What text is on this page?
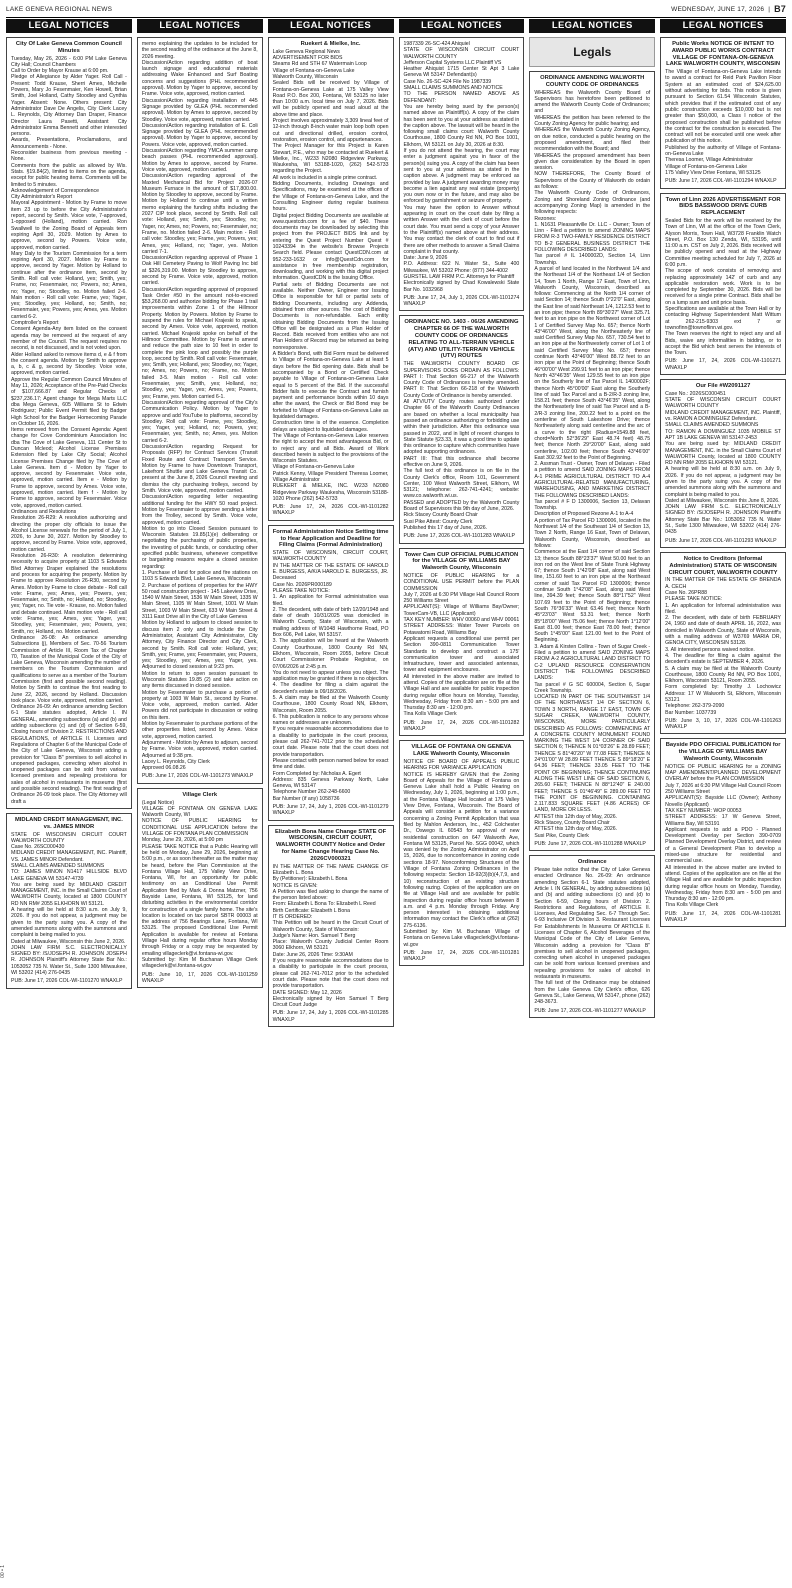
LAKE GENEVA REGIONAL NEWS	WEDNESDAY, JUNE 17, 2026 | B7
LEGAL NOTICES	LEGAL NOTICES	LEGAL NOTICES	LEGAL NOTICES	LEGAL NOTICES	LEGAL NOTICES
City Of Lake Geneva Common Council Minutes
Tuesday, May 26, 2026 - 6:00 PM Lake Geneva City Hall; Council Chambers
Call to Order by Mayor Krause at 6:00 pm.
Pledge of Allegiance by Alder Yager. Roll Call - Present: Todd Krause, Sherri Ames, Michelle Powers, Mary Jo Fesenmaier, Ken Howell, Brian Smith, Joel Holland, Cathy Stoodley and Cynthia Yager. Absent: None. Others present: City Administrator Dave De Angelis, City Clerk Lacey L. Reynolds, City Attorney Dan Draper, Finance Director Laura Pasetti, Assistant City Administrator Emma Bennett and other interested persons.
Awards, Presentations, Proclamations, and Announcements - None.
Reconsider business from previous meeting - None.
Comments from the public as allowed by Wis. Stats. §19.84(2), limited to items on the agenda, except for public hearing items. Comments will be limited to 5 minutes.
Acknowledgement of Correspondence
City Administrator's Report
Mayoral Appointment - Motion by Frame to move item 23 up to before the City Administrator's report, second by Smith. Voice vote, 7-approved, 1-opposed (Holland), motion carried. Ron Swallwell to the Zoning Board of Appeals term expiring April 30, 2029. Motion by Ames to approve, second by Powers. Voice vote, approved, motion carried.
Mary Daly to the Tourism Commission for a term expiring April 30, 2027. Motion by Frame to approve, second by Yager. Motion by Holland to continue after the ordinance item, second by Smith. Roll call vote: Holland, yes; Smith, yes; Frame, no; Fesenmaier, no; Powers, no; Ames, no; Yager, no; Stoodley, no. Motion failed 2-6. Main motion - Roll call vote: Frame, yes; Yager, yes; Stoodley, yes; Holland, no; Smith, no; Fesenmaier, yes; Powers, yes; Ames, yes. Motion carried 6-2.
Comptroller's Report
Consent Agenda-Any item listed on the consent agenda may be removed at the request of any member of the Council. The request requires no second, is not discussed, and is not voted upon.
Alder Holland asked to remove items d, e & f from the consent agenda. Motion by Smith to approve a, b, c & g, second by Stoodley. Voice vote, approved, motion carried.
Approve the Regular Common Council Minutes of May 11, 2026; Acceptance of the Pre-Paid Checks of $107,666.87 and Regular Checks of $237,236.17; Agent change for Mega Marts LLC dba Mega Geneva, 605 Williams St to Edwin Rodriguez; Public Event Permit filed by Badger High School for the Badger Homecoming Parade on October 16, 2026.
Items removed from the Consent Agenda: Agent change for Cove Condominium Association Inc dba The Cove of Lake Geneva, 111 Center St to Duncan Mcleod; Alcohol License Premises Extension filed by Lake City Social; Alcohol License Premises Change filed by The Cove of Lake Geneva. Item d - Motion by Yager to approve, second by Fesenmaier. Voice vote, approved, motion carried. Item e - Motion by Frame to approve, second by Ames. Voice vote, approved, motion carried. Item f - Motion by Frame to approve, second by Fesenmaier. Voice vote, approved, motion carried.
Ordinances and Resolutions
Resolution 26-R29: A resolution authorizing and directing the proper city officials to issue the Alcohol License renewals for the period of July 1, 2026, to June 30, 2027. Motion by Stoodley to approve, second by Frame. Voice vote, approved, motion carried.
Resolution 26-R30: A resolution determining necessity to acquire property at 1103 S Edwards Blvd Attorney Draper explained the resolutions and process for acquiring the property. Motion by Frame to approve Resolution 26-R30, second by Ames. Motion by Frame to close debate - Roll call vote: Frame, yes; Ames, yes; Powers, yes; Fesenmaier, no; Smith, no; Holland, no; Stoodley, yes; Yager, no. Tie vote - Krause, no. Motion failed and debate continued. Main motion vote - Roll call vote: Frame, yes; Ames, yes; Yager, yes; Stoodley, yes; Fesenmaier, yes; Powers, yes; Smith, no; Holland, no. Motion carried.
Ordinance 26-08: An ordinance amending Subsections (j), Members of Sec. 70-56 Tourism Commission of Article III, Room Tax of Chapter 70, Taxation of the Municipal Code of the City of Lake Geneva, Wisconsin amending the number of members on the Tourism Commission and qualifications to serve as a member of the Tourism Commission (first and possible second reading). Motion by Smith to continue the first reading to June 22, 2026, second by Holland. Discussion took place. Voice vote, approved, motion carried.
Ordinance 26-09: An ordinance amending Section 6-1 State statutes adopted, Article I. IN GENERAL, amending subsections (a) and (b) and adding subsections (c) and (d) of Section 6-59, Closing hours of Division 2. RESTRICTIONS AND REGULATIONS, of ARTICLE II. Licenses and Regulations of Chapter 6 of the Municipal Code of the City of Lake Geneva, Wisconsin adding a provision for "Class B" premises to sell alcohol in unopened packages, correcting when alcohol in unopened packages can be sold from various licensed premises and repealing provisions for sales of alcohol in restaurants in museums (first and possible second reading). The first reading of Ordinance 26-09 took place. The City Attorney will draft a
MIDLAND CREDIT MANAGEMENT, INC. vs. JAMES MINOR
STATE OF WISCONSIN CIRCUIT COURT WALWORTH COUNTY
Case No. 26SC000430
MIDLAND CREDIT MANAGEMENT, INC. Plaintiff, VS. JAMES MINOR Defendant.
SMALL CLAIMS AMENDED SUMMONS
TO: JAMES MINON N1417 HILLSIDE BLVD LAKE GENEVA WI 53147-4739
You are being sued by: MIDLAND CREDIT MANAGEMENT, INC. in the Small Claims Court of WALWORTH County, located at 1800 COUNTY RD NN RM# 2055 ELKHORN WI 53121.
A hearing will be held at 8:30 a.m. on July 9, 2026. If you do not appear, a judgment may be given to the party suing you. A copy of the amended summons along with the summons and complaint is being mailed to you.
Dated at Milwaukee, Wisconsin this June 2, 2026.
JOHN LAW FIRM S.C. ELECTRONICALLY SIGNED BY: /S/JOSEPH R. JOHNSON JOSEPH R. JOHNSON Plaintiff's Attorney State Bar No.: 1053052 735 N. Water St., Suite 1300 Milwaukee, WI 53202 (414) 276-0435
PUB: June 17, 2026 COL-WI-1101270 WNAXLP
memo explaining the updates to be included for the second reading of the ordinance at the June 8, 2026 meeting.
Discussion/Action regarding addition of boat launch signage and educational materials addressing Wake Enhanced and Surf Boating concerns and suggestions (PHL recommended approval). Motion by Yager to approve, second by Frame. Voice vote, approved, motion carried.
Discussion/Action regarding installation of 445 Signage provided by GLEA (PHL recommended approval). Motion by Ames to approve, second by Stoodley. Voice vote, approved, motion carried.
Discussion/Action regarding installation of E. Coli Signage provided by GLEA (PHL recommended approval). Motion by Yager to approve, second by Powers. Voice vote, approved, motion carried.
Discussion/Action regarding YMCA summer camp beach passes (PHL recommended approval). Motion by Ames to approve, second by Frame. Voice vote, approved, motion carried.
Discussion/Action regarding approval of the Maxted Mechanical Bid for Project 2026-07 Museum Furnace in the amount of $17,800.00. Motion by Stoodley to approve, second by Frame. Motion by Holland to continue until a written memo explaining the funding shifts including the 2027 CIP took place, second by Smith. Roll call vote: Holland, yes; Smith, yes; Stoodley, no; Yager, no; Ames, no; Powers, no; Fesenmaier, no; Frame, no. Motion failed 2-6. Main motion - Roll call vote: Stoodley, yes; Frame, yes; Powers, yes; Ames, yes; Holland, no; Yager, yes. Motion carried 7-1.
Discussion/Action regarding approval of Phase 1 Oak Hill Cemetery Paving to Wolf Paving Inc bid at $326,319.00. Motion by Stoodley to approve, second by Frame. Voice vote, approved, motion carried.
Discussion/Action regarding approval of proposed Task Order #50 in the amount not-to-exceed $53,268.00 and authorize bidding for Phase 1 trail improvements within Zone 1 of the Hillmoor Property. Motion by Powers. Motion by Frame to suspend the rules for Michael Krajeski to speak, second by Ames. Voice vote, approved, motion carried. Michael Krajeski spoke on behalf of the Hillmoor Committee. Motion by Frame to amend and reduce the path size to 10 feet in order to complete the pink loop and possibly the purple loop, second by Smith. Roll call vote: Fesenmaier, yes; Smith, yes; Holland, yes; Stoodley, no; Yager, no; Ames, no; Powers, no; Frame, no. Motion failed 3-5. Main motion - Roll call vote: Fesenmaier, yes; Smith, yes; Holland, no; Stoodley, yes; Yager, yes; Ames, yes; Powers, yes; Frame, yes. Motion carried 6-1.
Discussion/Action regarding approval of the City's Communication Policy. Motion by Yager to approve and add YouTube to platforms, second by Stoodley. Roll call vote: Frame, yes; Stoodley, yes; Yager, yes; Holland, no; Powers, yes; Fesenmaier, yes; Smith, no; Ames, yes. Motion carried 6-2.
Discussion/Action regarding Request for Proposals (RFP) for Contract Services (Transit Fixed Route and Contract Transport Service. Motion by Frame to have Downtown Transport, Lakefront Shuttle and Lake Geneva Transit Co. present at the June 8, 2026 Council meeting and dismiss the city purchasing trolleys, second by Smith. Voice vote, approved, motion carried.
Discussion/Action regarding letter requesting additional funding for the HWY 50 road project. Motion by Fesenmaier to approve sending a letter from the Trolley, second by Smith. Voice vote, approved, motion carried.
Motion to go into Closed Session pursuant to Wisconsin Statutes 19.85(1)(e) deliberating or negotiating the purchasing of public properties, the investing of public funds, or conducting other specified public business, whenever competitive or bargaining reasons require a closed session regarding:
1. Purchase of land for police and fire stations on 1103 S Edwards Blvd, Lake Geneva, Wisconsin
2. Purchase of portions of properties for the HWY 50 road construction project - 145 Lakeview Drive, 1540 W Main Street, 1536 W Main Street, 1335 W Main Street, 1105 W Main Street, 1001 W Main Street, 1003 W Main Street, 633 W Main Street & 3111 East Drive all in the City of Lake Geneva
Motion by Holland to adjourn to closed session to discuss item 2 only and to include the City Administrator, Assistant City Administrator, City Attorney, City Finance Director and City Clerk, second by Smith. Roll call vote: Holland, yes; Smith, yes; Frame, yes; Fesenmaier, yes; Powers, yes; Stoodley, yes; Ames, yes; Yager, yes. Adjourned to closed session at 9:23 pm.
Motion to return to open session pursuant to Wisconsin Statutes 19.85 (2) and take action on any items discussed in closed session.
Motion by Fesenmaier to purchase a portion of property at 1003 W Main St., second by Frame. Voice vote, approved, motion carried. Alder Powers did not participate in discussion or voting on this item.
Motion by Fesenmaier to purchase portions of the other properties listed, second by Ames. Voice vote, approved, motion carried.
Adjournment - Motion by Ames to adjourn, second by Frame. Voice vote, approved, motion carried. Adjourned at 9:38 pm.
Lacey L. Reynolds, City Clerk
Approved 06.08.26
PUB: June 17, 2026 COL-WI-1101273 WNAXLP
Village Clerk
(Legal Notice)
VILLAGE OF FONTANA ON GENEVA LAKE Walworth County, WI
NOTICE OF PUBLIC HEARING for CONDITIONAL USE APPLICATION before the VILLAGE OF FONTANA PLAN COMMISSION
Monday, June 29, 2026, at 5:00 pm
PLEASE TAKE NOTICE that a Public Hearing will be held on Monday, June 29, 2026, beginning at 5:00 p.m., or as soon thereafter as the matter may be heard, before the Plan Commission at the Fontana Village Hall, 175 Valley View Drive, Fontana, WI, for an opportunity for public testimony on an Conditional Use Permit Application filed by Mark & Donna Matzner, 756 Bayside Lane, Fontana, WI 53125, for land disturbing activities in the environmental corridor for construction of a single family home. The site's location is located on tax parcel SBTR 00003 at the address of 756 Bearings Lane, Fontana, WI 53125. The proposed Conditional Use Permit Application is available for review at Fontana Village Hall during regular office hours Monday through Friday or a copy may be requested by emailing villageclerk@vi.fontana-wi.gov.
Submitted by: Kim M Buchanan Village Clerk villageclerk@vi.fontana-wi.gov
PUB: June 10, 17, 2026 COL-WI-1101259 WNAXLP
Ruekert & Mielke, Inc.
Lake Geneva Regional News
ADVERTISEMENT FOR BIDS
Steams Rd and STH 67 Watermain Loop
Village of Fontana-on-Geneva Lake
Walworth County, Wisconsin
Sealed Bids will be received by Village of Fontana-on-Geneva Lake at 175 Valley View Road P.O. Box 200, Fontana, WI 53125 no later than 10:00 a.m. local time on July 7, 2026. Bids will be publicly opened and read aloud at the above time and place.
Project involves approximately 3,309 lineal feet of 12-inch through 8-inch water main loop both open cut and directional drilled, erosion control, restoration, erosion control, and appurtenances.
The Project Manager for this Project is Karen Stewart, P.E., who may be contacted at Ruekert & Mielke, Inc., W233 N2080 Ridgeview Parkway, Waukesha, WI 53188-1020, (262) 542-5733 regarding the Project.
All work is included in a single prime contract.
Bidding Documents, including Drawings and Specifications, may be examined at the offices of the Village of Fontana-on-Geneva Lake, and the Consulting Engineer during regular business hours.
Digital project Bidding Documents are available at www.questcdn.com for a fee of $40. These documents may be downloaded by selecting this project from the PROJECT BIDS link and by entering the Quest Project Number Quest # 10243394 in the website's Browse Projects Search field. Please contact QuestCDN.com at 952-233-1632 or info@QuestCdn.com for assistance in free membership registration, downloading, and working with this digital project information. QuestCDN is the Issuing Office.
Partial sets of Bidding Documents are not available. Neither Owner, Engineer nor Issuing Office is responsible for full or partial sets of Bidding Documents, including any Addenda, obtained from other sources. The cost of Bidding Documents is non-refundable. Each entity obtaining Bidding Documents from the Issuing Office will be designated as a Plan Holder of Record. Bids received from entities who are not Plan Holders of Record may be returned as being nonresponsive.
A Bidder's Bond, with Bid Form must be delivered to Village of Fontana-on-Geneva Lake at least 5 days before the Bid opening date. Bids shall be accompanied by a Bond or Certified Check payable to Village of Fontana-on-Geneva Lake equal to 5 percent of the Bid. If the successful Bidder fails to execute the Contract and furnish payment and performance bonds within 10 days after the award, the Check or Bid Bond may be forfeited to Village of Fontana-on-Geneva Lake as liquidated damages.
Construction time is of the essence. Completion delays are subject to liquidated damages.
The Village of Fontana-on-Geneva Lake reserves the right to accept the most advantageous Bid, or to reject any and all Bids. Award of Work described herein is subject to the provisions of the Wisconsin Statutes.
Village of Fontana-on-Geneva Lake
Patrick Kenny, Village President Theresa Loomer, Village Administrator
RUEKERT & MIELKE, INC. W233 N2080 Ridgeview Parkway Waukesha, Wisconsin 53188-1020 Phone (262) 542-5733
PUB: June 17, 24, 2026 COL-WI-1101282 WNAXLP
Formal Administration Notice Setting time to Hear Application and Deadline for Filing Claims (Formal Administration)
STATE OF WISCONSIN, CIRCUIT COURT, WALWORTH COUNTY
IN THE MATTER OF THE ESTATE OF HAROLD E. BURGESS, A/K/A HAROLD E. BURGESS, JR. Deceased
Case No. 2026PR000189
PLEASE TAKE NOTICE:
1. An application for Formal administration was filed.
2. The decedent, with date of birth 12/20/1948 and date of death 10/31/2025 was domiciled in Walworth County, State of Wisconsin, with a mailing address of W1048 Hawthorne Road, PO Box 606, Pell Lake, WI 53157.
3. The application will be heard at the Walworth County Courthouse, 1800 County Rd NN, Elkhorn, Wisconsin, Room 2055, before Circuit Court Commissioner Probate Registrar, on 07/06/2026 at 2:45 p.m.
You do not need to appear unless you object. The application may be granted if there is no objection.
4. The deadline for filing a claim against the decedent's estate is 09/18/2026.
5. A claim may be filed at the Walworth County Courthouse, 1800 County Road NN, Elkhorn, Wisconsin, Room 2055.
6. This publication is notice to any persons whose names or addresses are unknown.
If you require reasonable accommodations due to a disability to participate in the court process, please call 262-741-7012 prior to the scheduled court date. Please note that the court does not provide transportation.
Please contact with person named below for exact time and date.
Form Completed by: Nicholas A. Egert
Address: 835 Geneva Parkway North, Lake Geneva, WI 53147
Telephone Number 262-248-6600
Bar Number (if any) 1058736
PUB: June 17, 24, July 1, 2026 COL-WI-1101279 WNAXLP
Elizabeth Bona Name Change STATE OF WISCONSIN, CIRCUIT COURT, WALWORTH COUNTY Notice and Order for Name Change Hearing Case No. 2026CV000321
IN THE MATTER OF THE NAME CHANGE OF Elizabeth L. Bona
By (Petitioner): Elizabeth L Bona
NOTICE IS GIVEN:
A Petition was filed asking to change the name of the person listed above:
From: Elizabeth L Bona To: Elizabeth L Reed
Birth Certificate: Elizabeth L Bona
IT IS ORDERED:
This Petition will be heard in the Circuit Court of Walworth County, State of Wisconsin:
Judge's Name: Hon. Samuel T Berg
Place: Walworth County Judicial Center Room 3060 Elkhorn, WI 53121
Date: June 26, 2026 Time: 9:30AM
If you require reasonable accommodations due to a disability to participate in the court process, please call 262-741-7012 prior to the scheduled court date. Please note that the court does not provide transportation.
DATE SIGNED: May 12, 2026
Electronically signed by Hon Samuel T Berg Circuit Court Judge
PUB: June 17, 24, July 1, 2026 COL-WI-1101285 WNAXLP
1987339 26-SC-424 Ahiquiel
STATE OF WISCONSIN CIRCUIT COURT WALWORTH COUNTY
Jefferson Capital Systems LLC Plaintiff VS
Heather Ahiquist 1715 Center St Apt 3 Lake Geneva WI 53147 Defendant(s)
Case No. 26-SC-424 File No 1987339
SMALL CLAIMS SUMMONS AND NOTICE
TO THE PERSON NAMED ABOVE AS DEFENDANT:
You are hereby being sued by the person(s) named above as Plaintiff(s). A copy of the claim has been sent to you at your address as stated in the caption above. The lawsuit will be heard in the following small claims court: Walworth County Courthouse, 1800 County Rd NN, PO Box 1001, Elkhorn, WI 53121 on July 30, 2026 at 8:30.
If you do not attend the hearing, the court may enter a judgment against you in favor of the person(s) suing you. A copy of the claim has been sent to you at your address as stated in the caption above. A judgment may be enforced as provided by law. A judgment awarding money may become a lien against any real estate (property) you own now or in the future, and may also be enforced by garnishment or seizure of property.
You may have the option to Answer without appearing in court on the court date by filing a written Answer with the clerk of court before the court date. You must send a copy of your Answer to the Plaintiff(s) named above at their address. You may contact the clerk of court to find out if there are other methods to answer a Small Claims complaint in that county.
Date: June 9, 2026
P.O. Address: 622 N. Water St., Suite 400 Milwaukee, WI 53202 Phone: (877) 344-4002
GURSTEL LAW FIRM P.C. Attorneys for Plaintiff
Electronically signed by Chad Kowalewski State Bar No. 1032968
PUB: June 17, 24, July 1, 2026 COL-WI-1101274 WNAXLP
ORDINANCE NO. 1403 - 06/26 AMENDING CHAPTER 66 OF THE WALWORTH COUNTY CODE OF ORDINANCES RELATING TO ALL-TERRAIN VEHICLE (ATV) AND UTILITY-TERRAIN VEHICLE (UTV) ROUTES
THE WALWORTH COUNTY BOARD OF SUPERVISORS DOES ORDAIN AS FOLLOWS: PART I: That Section 66-217 of the Walworth County Code of Ordinances is hereby amended. PART II: That Section 66-218 of the Walworth County Code of Ordinance is hereby amended.
All ATV/UTV County routes authorized under Chapter 66 of the Walworth County Ordinances are based on whether a local municipality has passed an ordinance authorizing or forbidding use within their jurisdiction. After this ordinance was passed in 2022, and in light of recent changes to State Statute §23.33, it was a good time to update this ordinance to capture which communities have adopted supporting ordinances.
PART III: That this ordinance shall become effective on June 9, 2026.
The full text of this ordinance is on file in the County Clerk's office, Room 101, Government Center, 100 West Walworth Street, Elkhorn, WI 53121; telephone: 262-741-4241; website: www.co.walworth.wi.us.
PASSED and ADOPTED by the Walworth County Board of Supervisors this 9th day of June, 2026.
Rick Stacey County Board Chair
Susi Pike Attest: County Clerk
Published this 17 day of June, 2026.
PUB: June 17, 2026 COL-WI-1101283 WNAXLP
Tower Cam CUP OFFICIAL PUBLICATION for the VILLAGE OF WILLIAMS BAY Walworth County, Wisconsin
NOTICE OF PUBLIC HEARING for a CONDITIONAL USE PERMIT before the PLAN COMMISSION
July 7, 2026 at 6:30 PM Village Hall Council Room 250 Williams Street
APPLICANT(S): Village of Williams Bay/Owner; TowerCam-VB, LLC (Applicant)
TAX KEY NUMBER: WHV 00060 and WHV 00061
STREET ADDRESS: Water Tower Parcels on Potawatomi Road, Williams Bay
Applicant requests a conditional use permit per Section 390-0811 Communication Tower Standards to develop and construct a 175' communication tower and associated infrastructure, tower and associated antennas, tower and equipment enclosures.
All interested in the above matter are invited to attend. Copies of the application are on file at the Village Hall and are available for public inspection during regular office hours on Monday, Tuesday, Wednesday, Friday from 8:30 am - 5:00 pm and Thursday 8:30 am - 12:00 pm.
Tina Kolls Village Clerk
PUB: June 17, 24, 2026 COL-WI-1101282 WNAXLP
VILLAGE OF FONTANA ON GENEVA LAKE Walworth County, Wisconsin
NOTICE OF BOARD OF APPEALS PUBLIC HEARING FOR VARIANCE APPLICATION
NOTICE IS HEREBY GIVEN that the Zoning Board of Appeals for the Village of Fontana on Geneva Lake shall hold a Public Hearing on Wednesday, July 1, 2026, beginning at 1:00 p.m., at the Fontana Village Hall located at 175 Valley View Drive, Fontana, Wisconsin. The Board of Appeals will consider a petition for a variance concerning a Zoning Permit Application that was filed by Mahlon Anderson, Inc., 452 Colchester Dr., Oswego IL 60543 for approval of new residential construction on 647 Walworth Ave, Fontana WI 53125, Parcel No. SGG 00042, which was denied by the Zoning Administrator on April 15, 2026, due to nonconformance in zoning code sections 18-97. Nonconforming Structures of the Village of Fontana Zoning Ordinances in the following respects: Section 18-92(3)(b)(4,7,9, and 10) reconstruction of an existing structure following razing. Copies of the application are on file at Village Hall and are available for public inspection during regular office hours between 8 a.m. and 4 p.m. Monday through Friday. Any person interested in obtaining additional information may contact the Clerk's office at (262) 275-6136.
Submitted by: Kim M. Buchanan Village of Fontana on Geneva Lake villageclerk@vi.fontana-wi.gov
PUB: June 17, 24, 2026 COL-WI-1101281 WNAXLP
Legals
ORDINANCE AMENDING WALWORTH COUNTY CODE OF ORDINANCES
WHEREAS the Walworth County Board of Supervisors has heretofore been petitioned to amend the Walworth County Code of Ordinances; and
WHEREAS the petition has been referred to the County Zoning Agency for public hearing; and
WHEREAS the Walworth County Zoning Agency, on due notice, conducted a public hearing on the proposed amendment, and filed their recommendation with the Board; and
WHEREAS the proposed amendment has been given due consideration by the Board in open session.
NOW THEREFORE, The County Board of Supervisors of the County of Walworth do ordain as follows:
The Walworth County Code of Ordinances, Zoning and Shoreland Zoning Ordinance (and accompanying Zoning Map) is amended in the following respects:
Rezones:
1. N1631 Pleasantville Dr. LLC - Owner; Town of Linn - Filed a petition to amend ZONING MAPS FROM R-3 TWO-FAMILY RESIDENCE DISTRICT TO B-2 GENERAL BUSINESS DISTRICT THE FOLLOWING DESCRIBED LANDS:
Tax parcel # IL 1400002D, Section 14, Linn Township.
A parcel of land located in the Northwest 1/4 and the Northeast 1/4 of the Northeast 1/4 of Section 14, Town 1 North, Range 17 East, Town of Linn, Walworth County, Wisconsin, described as follows: Commencing at the North 1/4 corner of said Section 14; thence South 0°22'0" East, along the East line of said Northeast 1/4, 1212.53 feet to an iron pipe; thence North 89°30'27" West 325.71 feet to an iron pipe on the Northwest corner of Lot 1 of Certified Survey Map No. 657; thence North 43°46'00" West, along the Northeasterly line of said Certified Survey Map No. 657, 730.54 feet to an iron pipe at the Northwesterly corner of Lot 1 of said Certified Survey Map No. 657; thence continue North 43°46'00" West 88.72 feet to an iron pipe at the Point of Beginning; thence South 46°00'00" West 299.91 feet to an iron pipe; thence North 43°46'35" West 129.55 feet to an iron pipe on the Southerly line of Tax Parcel IL 1400002F; thence North 45°00'00" East along the Southerly line of said Tax Parcel and a B-2/R-3 zoning line, 158.21 feet; thence South 43°46'35" West, along the Northeasterly line of said Tax Parcel and a B-2/R-3 zoning line, 200.22 feet to a point on the centerline of South Lakeshore Drive; thence Northeasterly along said centerline and the arc of a curve to the right (Radius=1549.88 feet, chord=North 52°36'29" East 48.74 feet) 48.75 feet; thence North 29°20'00" East, along said centerline, 102.00 feet; thence South 43°46'00" East 302.92 feet to the Point of Beginning.
2. Assman Trust - Owner, Town of Delavan - Filed a petition to amend SAID ZONING MAPS FROM A-1 PRIME AGRICULTURAL DISTRICT TO A-4 AGRICULTURAL-RELATED MANUFACTURING, WAREHOUSING, AND MARKETING DISTRICT THE FOLLOWING DESCRIBED LANDS:
Tax parcel # F D 1300006, Section 13, Delavan Township.
Description of Proposed Rezone A-1 to A-4
A portion of Tax Parcel FD 1300006, located in the Northwest 1/4 of the Southeast 1/4 of Section 13, Town 2 North, Range 16 East, Town of Delavan, Walworth County, Wisconsin, described as follows:
Commence at the East 1/4 corner of said Section 13; thence South 88°23'37" West 50.00 feet to an iron rod on the West line of State Trunk Highway 67; thence South 1°42'08" East, along said West line, 151.60 feet to an iron pipe at the Northeast corner of said Tax Parcel FD 1300006; thence continue South 1°42'08" East, along said West line, 394.39 feet; thence South 88°17'52" West 107.69 feet to the Point of Beginning; thence South 76°36'33" West 63.46 feet; thence North 45°23'03" West 53.31 feet; thence North 85°18'00" West 75.06 feet; thence North 1°12'00" East 81.00 feet; thence East 78.00 feet; thence South 1°45'00" East 121.00 feet to the Point of Beginning.
3. Adam & Kirsten Collins - Town of Sugar Creek - Filed a petition to amend SAID ZONING MAPS FROM A-2 AGRICULTURAL LAND DISTRICT TO C-2 UPLAND RESOURCE CONSERVATION DISTRICT THE FOLLOWING DESCRIBED LANDS:
Tax parcel # G SC 600004, Section 6, Sugar Creek Township.
LOCATED IN PART OF THE SOUTHWEST 1/4 OF THE NORTHWEST 1/4 OF SECTION 6, TOWN 3 NORTH, RANGE 17 EAST, TOWN OF SUGAR CREEK, WALWORTH COUNTY, WISCONSIN, MORE PARTICULARLY DESCRIBED AS FOLLOWS: COMMENCING AT A CONCRETE COUNTY MONUMENT FOUND MARKING THE WEST 1/4 CORNER OF SAID SECTION 6; THENCE N 01°03'26" E 28.89 FEET; THENCE S 81°40'20" W 77.08 FEET; THENCE N 24°01'00" W 28.89 FEET THENCE S 89°18'20" E 64.36 FEET; THENCE 33.05 FEET TO THE POINT OF BEGINNING; THENCE CONTINUING ALONG THE WEST LINE OF SAID SECTION 6, 265.60 FEET; THENCE N 88°12'40" E 240.00 FEET; THENCE S 01°46'49" E 289.00 FEET TO THE POINT OF BEGINNING. CONTAINING 2.117.833 SQUARE FEET (4.86 ACRES) OF LAND, MORE OR LESS.
ATTEST this 12th day of May, 2026.
Rick Stacey, County Board Chair
ATTEST this 12th day of May, 2026.
Susi Pike, County Clerk
PUB: June 17, 2026 COL-WI-1101288 WNAXLP
Ordinance
Please take notice that the City of Lake Geneva enacted Ordinance No. 26-09: An ordinance amending Section 6-1 State statutes adopted, Article I. IN GENERAL, by adding subsections (a) and (b) and adding subsections (c) and (d) to Section 6-59, Closing hours of Division 2. Restrictions and Regulations, of ARTICLE II. Licenses, And Regulating Sec. 6-7 Through Sec. 6-93 Inclusive Of Division 3. Restaurant Licenses For Establishments In Museums Of ARTICLE II. Licenses of Chapter 6, Alcohol Beverages of the Municipal Code of the City of Lake Geneva, Wisconsin adding a provision for "Class B" premises to sell alcohol in unopened packages, correcting when alcohol in unopened packages can be sold from various licensed premises and repealing provisions for sales of alcohol in restaurants in museums.
The full text of the Ordinance may be obtained from the Lake Geneva City Clerk's office, 626 Geneva St., Lake Geneva, WI 53147, phone (262) 248-3673.
PUB: June 17, 2026 COL-WI-1101277 WNAXLP
Public Works NOTICE OF INTENT TO AWARD PUBLIC WORKS CONTRACT VILLAGE OF FONTANA-ON-GENEVA LAKE WALWORTH COUNTY, WISCONSIN
The Village of Fontana-on-Geneva Lake intends to award a contract for Reid Park Pavilion Floor System at an estimated cost of $24,625.00 without advertising for bids. This notice is given pursuant to Section 61.54 Wisconsin Statutes, which provides that if the estimated cost of any public construction exceeds $10,000 but is not greater than $50,000, a Class I notice of the proposed construction shall be published before the contract for the construction is executed. The contract will not be executed until one week after publication of this notice.
Published by the authority of Village of Fontana-on-Geneva Lake
Theresa Loomer, Village Administrator
Village of Fontana-on-Geneva Lake
175 Valley View Drive Fontana, WI 53125
PUB: June 17, 2026 COL-WI-1101294 WNAXLP
Town of Linn 2026 ADVERTISEMENT FOR BIDS BASSWOOD DRIVE CURB REPLACEMENT
Sealed Bids for the work will be received by the Town of Linn, WI at the office of the Town Clerk, Alyson Morris, Town Hall, W3728 Franklin Watch Street, P.O. Box 130 Zenda, WI, 53195, until 11:00 a.m. CST on July 2, 2026. Bids received will be publicly opened and read at the Highway Committee meeting scheduled for July 7, 2026 at 6:00 p.m.
The scope of work consists of removing and replacing approximately 142' of curb and any applicable restoration work. Work is to be completed by September 30, 2026. Bids will be received for a single prime Contract. Bids shall be on a lump sum and unit price basis.
Specifications are available at the Town Hall or by contacting Highway Superintendent Matt Wittum at 262-215-9303 ext 7 or townofinn@townoflinn.wi.gov.
The Town reserves the right to reject any and all Bids, waive any informalities in bidding, or to accept the Bid which best serves the interests of the Town.
PUB: June 17, 24, 2026 COL-WI-1101271 WNAXLP
Our File #W2091127
Case No.: 2026SC000451
STATE OF WISCONSIN CIRCUIT COURT WALWORTH COUNTY
MIDLAND CREDIT MANAGEMENT, INC. Plaintiff, vs. RAMON A DOMINGUEZ Defendant.
SMALL CLAIMS AMENDED SUMMONS
TO: RAMON A DOMINGUEZ 1035 MOBILE ST APT 1B LAKE GENEVA WI 53147-2453
You are being sued by: MIDLAND CREDIT MANAGEMENT, INC. in the Small Claims Court of WALWORTH County, located at 1800 COUNTY RD NN RM# 2055 ELKHORN WI 53121.
A hearing will be held at 8:30 a.m. on July 9, 2026. If you do not appear, a judgment may be given to the party suing you. A copy of the amended summons along with the summons and complaint is being mailed to you.
Dated at Milwaukee, Wisconsin this June 8, 2026.
JOHN LAW FIRM S.C. ELECTRONICALLY SIGNED BY: /S/JOSEPH R. JOHNSON Plaintiff's Attorney State Bar No.: 1053052 735 N. Water St., Suite 1300 Milwaukee, WI 53202 (414) 276-0435
PUB: June 17, 2026 COL-WI-1101293 WNAXLP
Notice to Creditors (Informal Administration) STATE OF WISCONSIN CIRCUIT COURT, WALWORTH COUNTY
IN THE MATTER OF THE ESTATE OF BRENDA A. CECH
Case No. 26PR88
PLEASE TAKE NOTICE:
1. An application for Informal administration was filed.
2. The decedent, with date of birth FEBRUARY 24, 1960 and date of death APRIL 16, 2022, was domiciled in Walworth County, State of Wisconsin, with a mailing address of W3769 MARIA DR, GENOA CITY, WISCONSIN 53128.
3. All interested persons waived notice.
4. The deadline for filing a claim against the decedent's estate is SEPTEMBER 4, 2026.
5. A claim may be filed at the Walworth County Courthouse, 1800 County Rd NN, PO Box 1001, Elkhorn, Wisconsin 53121, Room 2055.
Form completed by: Timothy J. Lochowicz Address: 17 W Walworth St, Elkhorn, Wisconsin 53121
Telephone: 262-379-2090
Bar Number: 1037739
PUB: June 3, 10, 17, 2026 COL-WI-1101263 WNAXLP
Bayside PDO OFFICIAL PUBLICATION for the VILLAGE OF WILLIAMS BAY Walworth County, Wisconsin
NOTICE OF PUBLIC HEARING for a ZONING MAP AMENDMENT/PLANNED DEVELOPMENT OVERLAY before the PLAN COMMISSION
July 7, 2026 at 6:30 PM Village Hall Council Room 250 Williams Street
APPLICANT(S): Bayside LLC (Owner); Anthony Novello (Applicant)
TAX KEY NUMBER: WOP 00053
STREET ADDRESS: 17 W Geneva Street, Williams Bay, WI 53191
Applicant requests to add a PDO - Planned Development Overlay per Section 390-0709 Planned Development Overlay District, and review of a General Development Plan to develop a mixed-use structure for residential and commercial use.
All interested in the above matter are invited to attend. Copies of the application are on file at the Village Hall and are available for public inspection during regular office hours on Monday, Tuesday, Wednesday, Friday from 8:30 am - 5:00 pm and Thursday 8:30 am - 12:00 pm.
Tina Kolls Village Clerk
PUB: June 17, 24, 2026 COL-WI-1101281 WNAXLP
00 • 1
